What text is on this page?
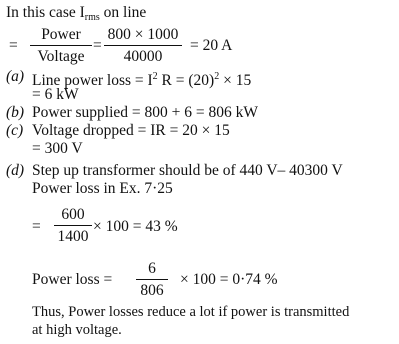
In this case $I_{rms}$ on line
=
Power
Voltage
= $\frac{800 \times 1000}{40000} = 20$ A
(a) Line power loss = $I^2$ $R = (20)^2 \times 15$
= 6 kW
(b) Power supplied = 800 + 6 = 806 kW
(c) Voltage dropped = IR = 20 × 15
= 300 V
(d) Step up transformer should be of 440 V– 40300 V
Power loss in Ex. 7·25
= $\frac{600}{1400} \times 100 = 43$ %
Power loss = $\frac{6}{806} \times 100 = 0\cdot 74$ %
Thus, Power losses reduce a lot if power is transmitted
at high voltage.
